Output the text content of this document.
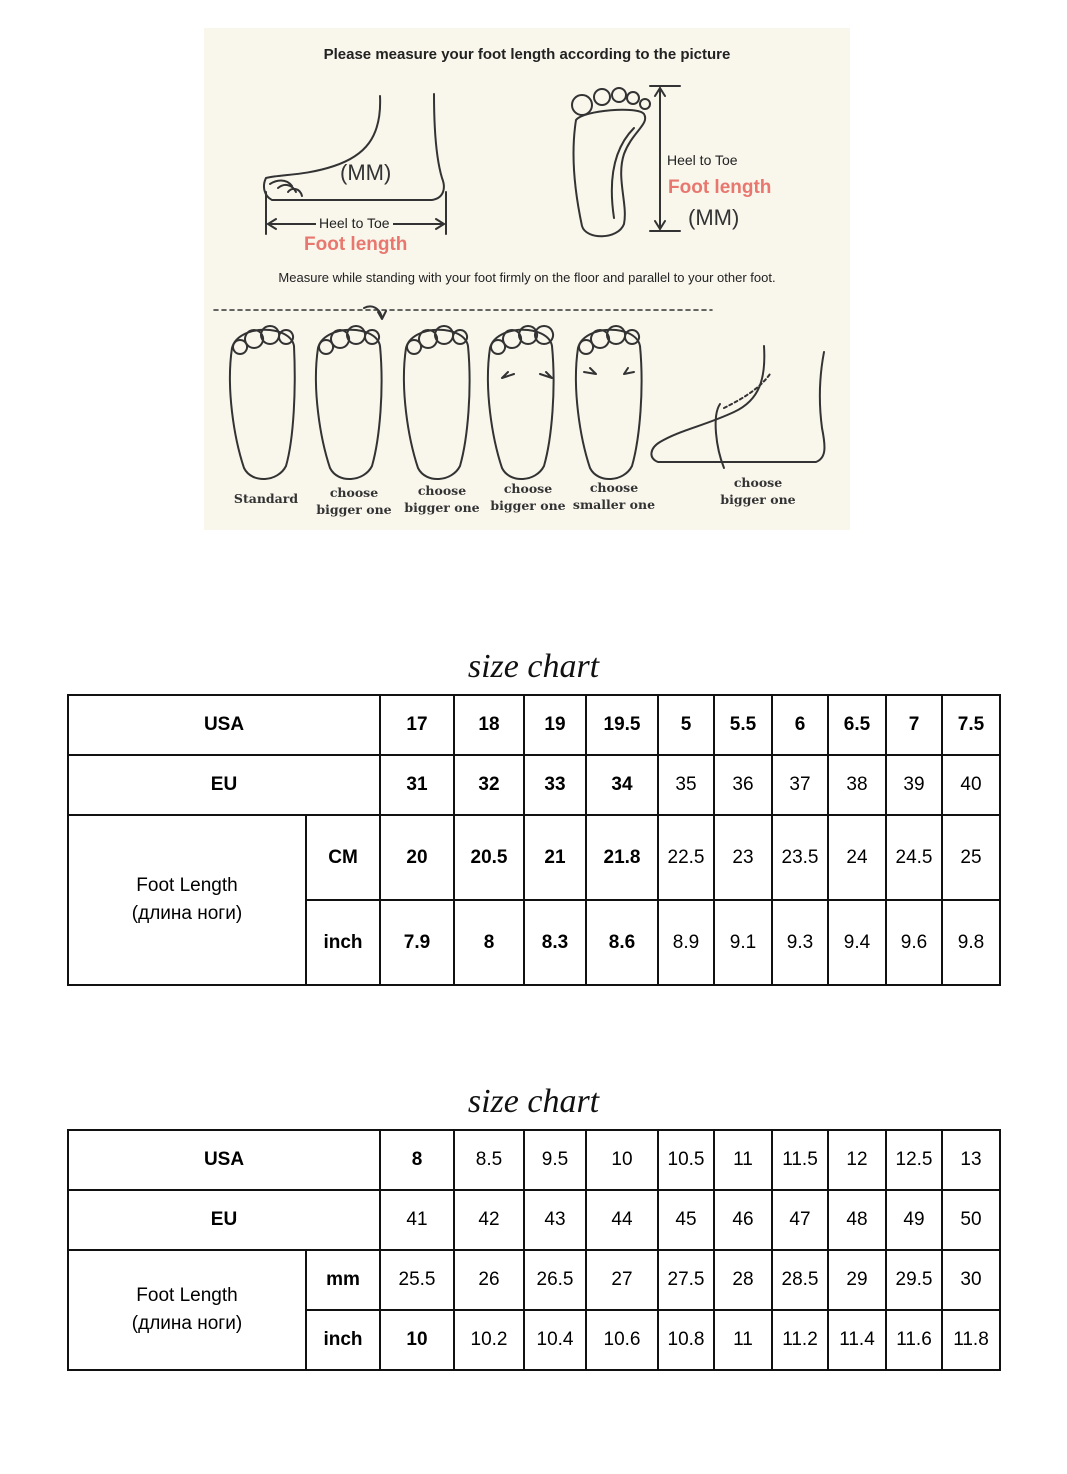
Please measure your foot length according to the picture
(MM)
Heel to Toe
Foot length
Heel to Toe
Foot length
(MM)
Measure while standing with your foot firmly on the floor and parallel to your other foot.
Standard	choose
bigger one
choose
bigger one
choose
bigger one
choose
smaller one
choose
bigger one
size chart
USA		17	18	19	19.5	5	5.5	6	6.5	7	7.5
EU		31	32	33	34	35	36	37	38	39	40

Foot Length
(длина ноги)	CM	20	20.5	21	21.8	22.5	23	23.5	24	24.5	25
	inch	7.9	8	8.3	8.6	8.9	9.1	9.3	9.4	9.6	9.8
size chart
USA		8	8.5	9.5	10	10.5	11	11.5	12	12.5	13
EU		41	42	43	44	45	46	47	48	49	50

Foot Length
(длина ноги)	mm	25.5	26	26.5	27	27.5	28	28.5	29	29.5	30
	inch	10	10.2	10.4	10.6	10.8	11	11.2	11.4	11.6	11.8
